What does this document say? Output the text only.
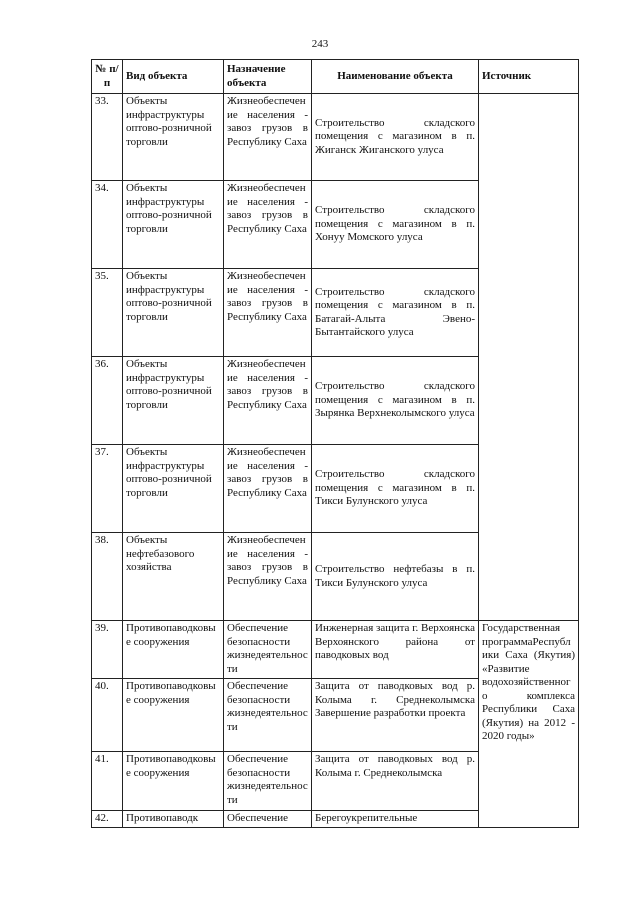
243
№ п/п	Вид объекта	Назначение объекта	Наименование объекта	Источник
33.	Объекты инфраструктуры оптово-розничной торговли	Жизнеобеспечение населения - завоз грузов в Республику Саха	Строительство складского помещения с магазином в п. Жиганск Жиганского улуса	
34.	Объекты инфраструктуры оптово-розничной торговли	Жизнеобеспечение населения - завоз грузов в Республику Саха	Строительство складского помещения с магазином в п. Хонуу Момского улуса	
35.	Объекты инфраструктуры оптово-розничной торговли	Жизнеобеспечение населения - завоз грузов в Республику Саха	Строительство складского помещения с магазином в п. Батагай-Алыта Эвено-Бытантайского улуса	
36.	Объекты инфраструктуры оптово-розничной торговли	Жизнеобеспечение населения - завоз грузов в Республику Саха	Строительство складского помещения с магазином в п. Зырянка Верхнеколымского улуса	
37.	Объекты инфраструктуры оптово-розничной торговли	Жизнеобеспечение населения - завоз грузов в Республику Саха	Строительство складского помещения с магазином в п. Тикси Булунского улуса	
38.	Объекты нефтебазового хозяйства	Жизнеобеспечение населения - завоз грузов в Республику Саха	Строительство нефтебазы в п. Тикси Булунского улуса	
39.	Противопаводковые сооружения	Обеспечение безопасности жизнедеятельности	Инженерная защита г. Верхоянска Верхоянского района от паводковых вод	Государственная программаРеспублики Саха (Якутия) «Развитие водохозяйственного комплекса Республики Саха (Якутия) на 2012 - 2020 годы»
40.	Противопаводковые сооружения	Обеспечение безопасности жизнедеятельности	Защита от паводковых вод р. Колыма г. Среднеколымска Завершение разработки проекта	
41.	Противопаводковые сооружения	Обеспечение безопасности жизнедеятельности	Защита от паводковых вод р. Колыма г. Среднеколымска	
42.	Противопаводк	Обеспечение	Берегоукрепительные	
